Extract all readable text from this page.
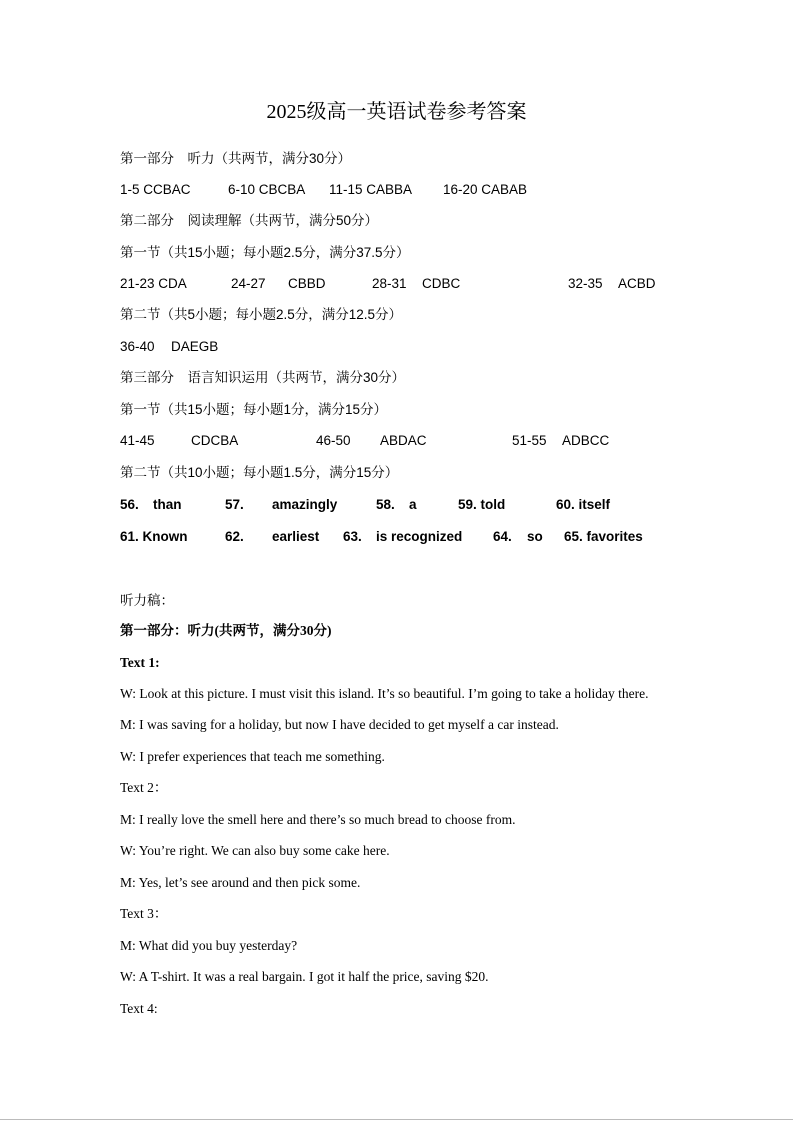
2025级高一英语试卷参考答案
第一部分　听力（共两节，满分30分）
1-5 CCBAC	6-10 CBCBA 11-15 CABBA 16-20 CABAB
第二部分　阅读理解（共两节，满分50分）
第一节（共15小题；每小题2.5分，满分37.5分）
21-23 CDA	24-27 CBBD	28-31 CDBC	32-35 ACBD
第二节（共5小题；每小题2.5分，满分12.5分）
36-40 DAEGB
第三部分　语言知识运用（共两节，满分30分）
第一节（共15小题；每小题1分，满分15分）
41-45	CDCBA	46-50 ABDAC	51-55 ADBCC
第二节（共10小题；每小题1.5分，满分15分）
56. than	57. amazingly	58. a	59. told	60. itself
61. Known	62. earliest 63. is recognized 64. so 65. favorites
听力稿：
第一部分：听力(共两节，满分30分)
Text 1:
W: Look at this picture. I must visit this island. It’s so beautiful. I’m going to take a holiday there.
M: I was saving for a holiday, but now I have decided to get myself a car instead.
W: I prefer experiences that teach me something.
Text 2：
M: I really love the smell here and there’s so much bread to choose from.
W: You’re right. We can also buy some cake here.
M: Yes, let’s see around and then pick some.
Text 3：
M: What did you buy yesterday?
W: A T-shirt. It was a real bargain. I got it half the price, saving $20.
Text 4:
